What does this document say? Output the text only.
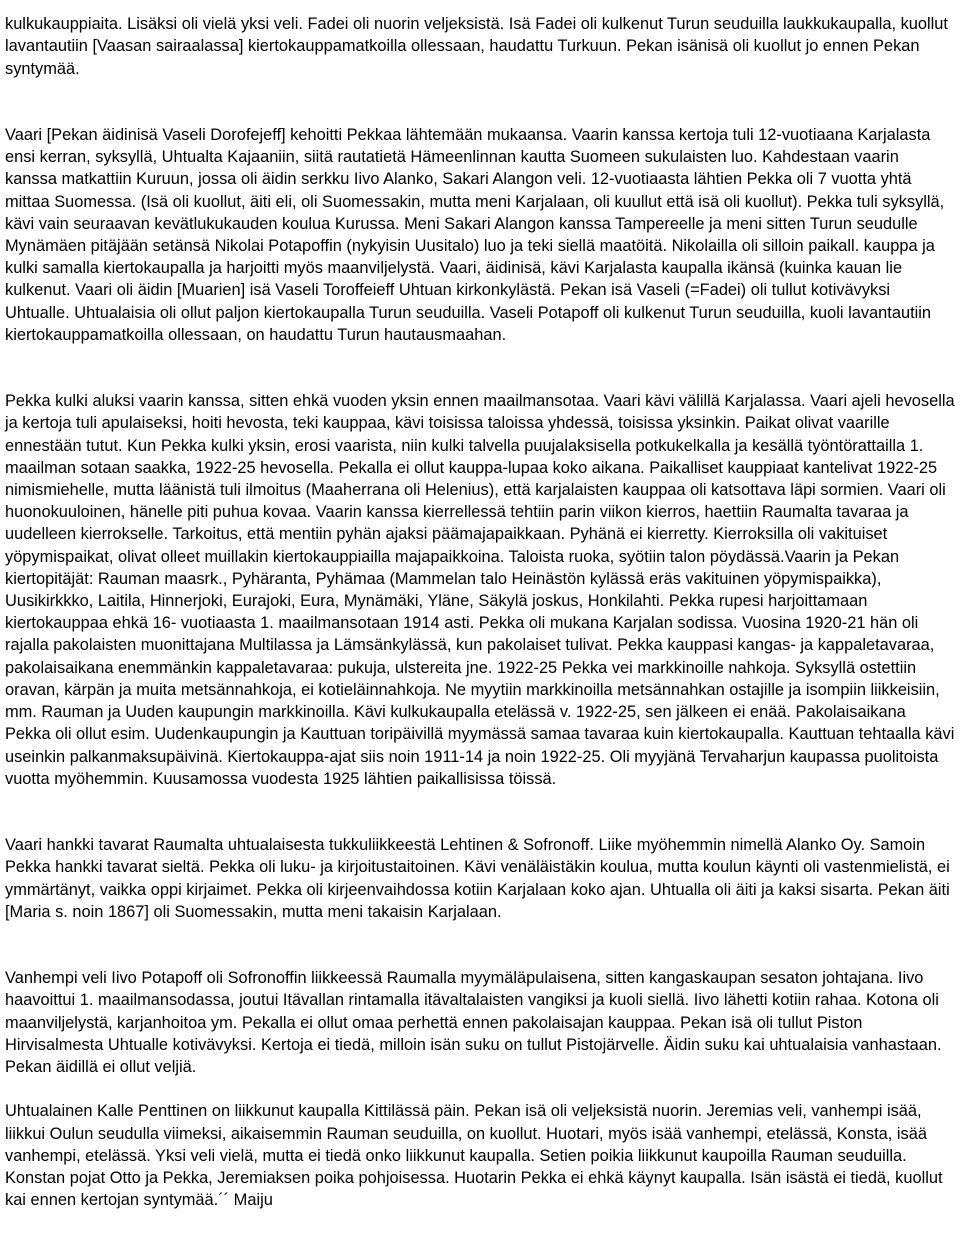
kulkukauppiaita. Lisäksi oli vielä yksi veli. Fadei oli nuorin veljeksistä. Isä Fadei oli kulkenut Turun seuduilla laukkukaupalla, kuollut lavantautiin [Vaasan sairaalassa] kiertokauppamatkoilla ollessaan, haudattu Turkuun. Pekan isänisä oli kuollut jo ennen Pekan syntymää.

Vaari [Pekan äidinisä Vaseli Dorofejeff] kehoitti Pekkaa lähtemään mukaansa. Vaarin kanssa kertoja tuli 12-vuotiaana Karjalasta ensi kerran, syksyllä, Uhtualta Kajaaniin, siitä rautatietä Hämeenlinnan kautta Suomeen sukulaisten luo. Kahdestaan vaarin kanssa matkattiin Kuruun, jossa oli äidin serkku Iivo Alanko, Sakari Alangon veli. 12-vuotiaasta lähtien Pekka oli 7 vuotta yhtä mittaa Suomessa. (Isä oli kuollut, äiti eli, oli Suomessakin, mutta meni Karjalaan, oli kuullut että isä oli kuollut). Pekka tuli syksyllä, kävi vain seuraavan kevätlukukauden koulua Kurussa. Meni Sakari Alangon kanssa Tampereelle ja meni sitten Turun seudulle Mynämäen pitäjään setänsä Nikolai Potapoffin (nykyisin Uusitalo) luo ja teki siellä maatöitä. Nikolailla oli silloin paikall. kauppa ja kulki samalla kiertokaupalla ja harjoitti myös maanviljelystä. Vaari, äidinisä, kävi Karjalasta kaupalla ikänsä (kuinka kauan lie kulkenut. Vaari oli äidin [Muarien] isä Vaseli Toroffeieff Uhtuan kirkonkylästä. Pekan isä Vaseli (=Fadei) oli tullut kotivävyksi Uhtualle. Uhtualaisia oli ollut paljon kiertokaupalla Turun seuduilla. Vaseli Potapoff oli kulkenut Turun seuduilla, kuoli lavantautiin kiertokauppamatkoilla ollessaan, on haudattu Turun hautausmaahan.

Pekka kulki aluksi vaarin kanssa, sitten ehkä vuoden yksin ennen maailmansotaa. Vaari kävi välillä Karjalassa. Vaari ajeli hevosella ja kertoja tuli apulaiseksi, hoiti hevosta, teki kauppaa, kävi toisissa taloissa yhdessä, toisissa yksinkin. Paikat olivat vaarille ennestään tutut. Kun Pekka kulki yksin, erosi vaarista, niin kulki talvella puujalaksisella potkukelkalla ja kesällä työntörattailla 1. maailman sotaan saakka, 1922-25 hevosella. Pekalla ei ollut kauppa-lupaa koko aikana. Paikalliset kauppiaat kantelivat 1922-25 nimismiehelle, mutta läänistä tuli ilmoitus (Maaherrana oli Helenius), että karjalaisten kauppaa oli katsottava läpi sormien. Vaari oli huonokuuloinen, hänelle piti puhua kovaa. Vaarin kanssa kierrellessä tehtiin parin viikon kierros, haettiin Raumalta tavaraa ja uudelleen kierrokselle. Tarkoitus, että mentiin pyhän ajaksi päämajapaikkaan. Pyhänä ei kierretty. Kierroksilla oli vakituiset yöpymispaikat, olivat olleet muillakin kiertokauppiailla majapaikkoina. Taloista ruoka, syötiin talon pöydässä.Vaarin ja Pekan kiertopitäjät: Rauman maasrk., Pyhäranta, Pyhämaa (Mammelan talo Heinästön kylässä eräs vakituinen yöpymispaikka), Uusikirkkko, Laitila, Hinnerjoki, Eurajoki, Eura, Mynämäki, Yläne, Säkylä joskus, Honkilahti. Pekka rupesi harjoittamaan kiertokauppaa ehkä 16- vuotiaasta 1. maailmansotaan 1914 asti. Pekka oli mukana Karjalan sodissa. Vuosina 1920-21 hän oli rajalla pakolaisten muonittajana Multilassa ja Lämsänkylässä, kun pakolaiset tulivat. Pekka kauppasi kangas- ja kappaletavaraa, pakolaisaikana enemmänkin kappaletavaraa: pukuja, ulstereita jne. 1922-25 Pekka vei markkinoille nahkoja. Syksyllä ostettiin oravan, kärpän ja muita metsännahkoja, ei kotieläinnahkoja. Ne myytiin markkinoilla metsännahkan ostajille ja isompiin liikkeisiin, mm. Rauman ja Uuden kaupungin markkinoilla. Kävi kulkukaupalla etelässä v. 1922-25, sen jälkeen ei enää. Pakolaisaikana Pekka oli ollut esim. Uudenkaupungin ja Kauttuan toripäivillä myymässä samaa tavaraa kuin kiertokaupalla. Kauttuan tehtaalla kävi useinkin palkanmaksupäivinä. Kiertokauppa-ajat siis noin 1911-14 ja noin 1922-25. Oli myyjänä Tervaharjun kaupassa puolitoista vuotta myöhemmin. Kuusamossa vuodesta 1925 lähtien paikallisissa töissä.

Vaari hankki tavarat Raumalta uhtualaisesta tukkuliikkeestä Lehtinen & Sofronoff. Liike myöhemmin nimellä Alanko Oy. Samoin Pekka hankki tavarat sieltä. Pekka oli luku- ja kirjoitustaitoinen. Kävi venäläistäkin koulua, mutta koulun käynti oli vastenmielistä, ei ymmärtänyt, vaikka oppi kirjaimet. Pekka oli kirjeenvaihdossa kotiin Karjalaan koko ajan. Uhtualla oli äiti ja kaksi sisarta. Pekan äiti [Maria s. noin 1867] oli Suomessakin, mutta meni takaisin Karjalaan.

Vanhempi veli Iivo Potapoff oli Sofronoffin liikkeessä Raumalla myymäläpulaisena, sitten kangaskaupan sesaton johtajana. Iivo haavoittui 1. maailmansodassa, joutui Itävallan rintamalla itävaltalaisten vangiksi ja kuoli siellä. Iivo lähetti kotiin rahaa. Kotona oli maanviljelystä, karjanhoitoa ym. Pekalla ei ollut omaa perhettä ennen pakolaisajan kauppaa. Pekan isä oli tullut Piston Hirvisalmesta Uhtualle kotivävyksi. Kertoja ei tiedä, milloin isän suku on tullut Pistojärvelle. Äidin suku kai uhtualaisia vanhastaan. Pekan äidillä ei ollut veljiä.

Uhtualainen Kalle Penttinen on liikkunut kaupalla Kittilässä päin. Pekan isä oli veljeksistä nuorin. Jeremias veli, vanhempi isää, liikkui Oulun seudulla viimeksi, aikaisemmin Rauman seuduilla, on kuollut. Huotari, myös isää vanhempi, etelässä, Konsta, isää vanhempi, etelässä. Yksi veli vielä, mutta ei tiedä onko liikkunut kaupalla. Setien poikia liikkunut kaupoilla Rauman seuduilla. Konstan pojat Otto ja Pekka, Jeremiaksen poika pohjoisessa. Huotarin Pekka ei ehkä käynyt kaupalla. Isän isästä ei tiedä, kuollut kai ennen kertojan syntymää.´´ Maiju
